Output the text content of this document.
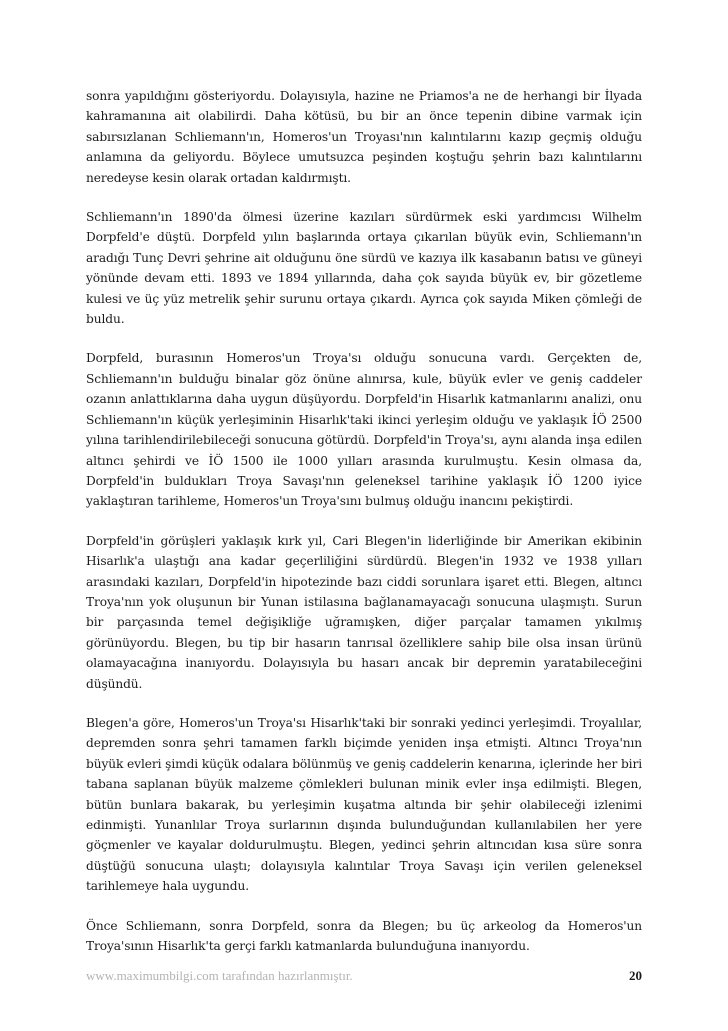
sonra yapıldığını gösteriyordu. Dolayısıyla, hazine ne Priamos'a ne de herhangi bir İlyada kahramanına ait olabilirdi. Daha kötüsü, bu bir an önce tepenin dibine varmak için sabırsızlanan Schliemann'ın, Homeros'un Troyası'nın kalıntılarını kazıp geçmiş olduğu anlamına da geliyordu. Böylece umutsuzca peşinden koştuğu şehrin bazı kalıntılarını neredeyse kesin olarak ortadan kaldırmıştı.

Schliemann'ın 1890'da ölmesi üzerine kazıları sürdürmek eski yardımcısı Wilhelm Dorpfeld'e düştü. Dorpfeld yılın başlarında ortaya çıkarılan büyük evin, Schliemann'ın aradığı Tunç Devri şehrine ait olduğunu öne sürdü ve kazıya ilk kasabanın batısı ve güneyi yönünde devam etti. 1893 ve 1894 yıllarında, daha çok sayıda büyük ev, bir gözetleme kulesi ve üç yüz metrelik şehir surunu ortaya çıkardı. Ayrıca çok sayıda Miken çömleği de buldu.

Dorpfeld, burasının Homeros'un Troya'sı olduğu sonucuna vardı. Gerçekten de, Schliemann'ın bulduğu binalar göz önüne alınırsa, kule, büyük evler ve geniş caddeler ozanın anlattıklarına daha uygun düşüyordu. Dorpfeld'in Hisarlık katmanlarını analizi, onu Schliemann'ın küçük yerleşiminin Hisarlık'taki ikinci yerleşim olduğu ve yaklaşık İÖ 2500 yılına tarihlendirilebileceği sonucuna götürdü. Dorpfeld'in Troya'sı, aynı alanda inşa edilen altıncı şehirdi ve İÖ 1500 ile 1000 yılları arasında kurulmuştu. Kesin olmasa da, Dorpfeld'in buldukları Troya Savaşı'nın geleneksel tarihine yaklaşık İÖ 1200 iyice yaklaştıran tarihleme, Homeros'un Troya'sını bulmuş olduğu inancını pekiştirdi.

Dorpfeld'in görüşleri yaklaşık kırk yıl, Cari Blegen'in liderliğinde bir Amerikan ekibinin Hisarlık'a ulaştığı ana kadar geçerliliğini sürdürdü. Blegen'in 1932 ve 1938 yılları arasındaki kazıları, Dorpfeld'in hipotezinde bazı ciddi sorunlara işaret etti. Blegen, altıncı Troya'nın yok oluşunun bir Yunan istilasına bağlanamayacağı sonucuna ulaşmıştı. Surun bir parçasında temel değişikliğe uğramışken, diğer parçalar tamamen yıkılmış görünüyordu. Blegen, bu tip bir hasarın tanrısal özelliklere sahip bile olsa insan ürünü olamayacağına inanıyordu. Dolayısıyla bu hasarı ancak bir depremin yaratabileceğini düşündü.

Blegen'a göre, Homeros'un Troya'sı Hisarlık'taki bir sonraki yedinci yerleşimdi. Troyalılar, depremden sonra şehri tamamen farklı biçimde yeniden inşa etmişti. Altıncı Troya'nın büyük evleri şimdi küçük odalara bölünmüş ve geniş caddelerin kenarına, içlerinde her biri tabana saplanan büyük malzeme çömlekleri bulunan minik evler inşa edilmişti. Blegen, bütün bunlara bakarak, bu yerleşimin kuşatma altında bir şehir olabileceği izlenimi edinmişti. Yunanlılar Troya surlarının dışında bulunduğundan kullanılabilen her yere göçmenler ve kayalar doldurulmuştu. Blegen, yedinci şehrin altıncıdan kısa süre sonra düştüğü sonucuna ulaştı; dolayısıyla kalıntılar Troya Savaşı için verilen geleneksel tarihlemeye hala uygundu.

Önce Schliemann, sonra Dorpfeld, sonra da Blegen; bu üç arkeolog da Homeros'un Troya'sının Hisarlık'ta gerçi farklı katmanlarda bulunduğuna inanıyordu.

www.maximumbilgi.com tarafından hazırlanmıştır.	20
